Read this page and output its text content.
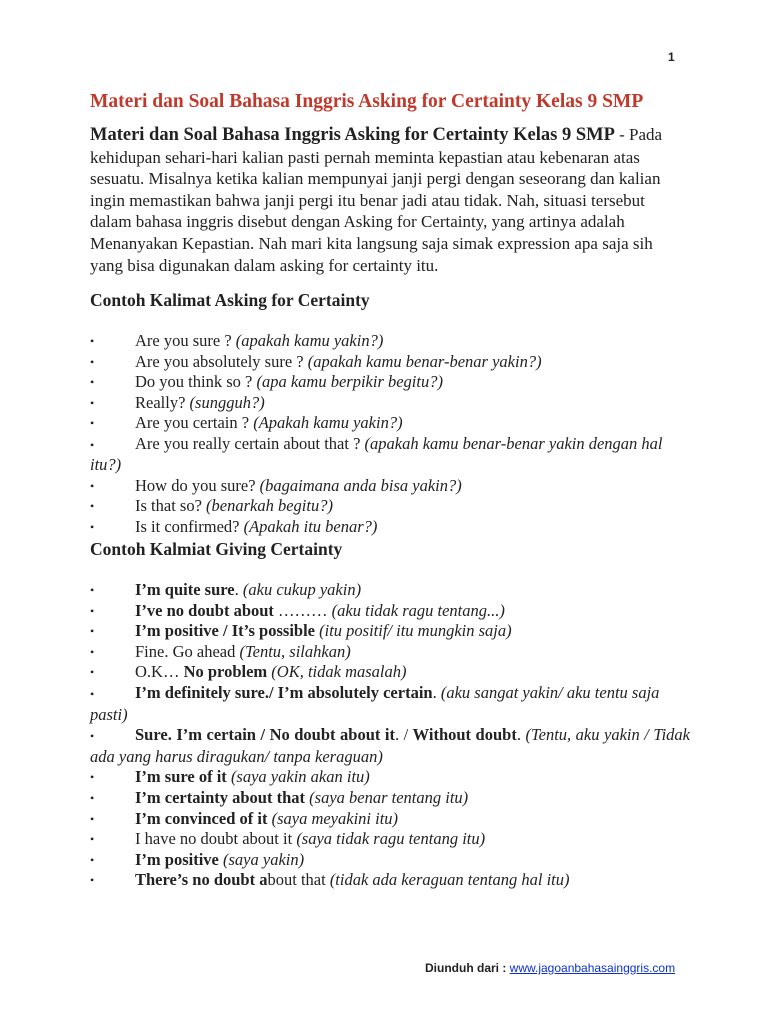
1
Materi dan Soal Bahasa Inggris Asking for Certainty Kelas 9 SMP

Materi dan Soal Bahasa Inggris Asking for Certainty Kelas 9 SMP - Pada kehidupan sehari-hari kalian pasti pernah meminta kepastian atau kebenaran atas sesuatu. Misalnya ketika kalian mempunyai janji pergi dengan seseorang dan kalian ingin memastikan bahwa janji pergi itu benar jadi atau tidak. Nah, situasi tersebut dalam bahasa inggris disebut dengan Asking for Certainty, yang artinya adalah Menanyakan Kepastian. Nah mari kita langsung saja simak expression apa saja sih yang bisa digunakan dalam asking for certainty itu.

Contoh Kalimat Asking for Certainty
• Are you sure ? (apakah kamu yakin?)
• Are you absolutely sure ? (apakah kamu benar-benar yakin?)
• Do you think so ? (apa kamu berpikir begitu?)
• Really? (sungguh?)
• Are you certain ? (Apakah kamu yakin?)
• Are you really certain about that ? (apakah kamu benar-benar yakin dengan hal itu?)
• How do you sure? (bagaimana anda bisa yakin?)
• Is that so? (benarkah begitu?)
• Is it confirmed? (Apakah itu benar?)
Contoh Kalmiat Giving Certainty
• I’m quite sure. (aku cukup yakin)
• I’ve no doubt about ……… (aku tidak ragu tentang...)
• I’m positive / It’s possible (itu positif/ itu mungkin saja)
• Fine. Go ahead (Tentu, silahkan)
• O.K… No problem (OK, tidak masalah)
• I’m definitely sure./ I’m absolutely certain. (aku sangat yakin/ aku tentu saja pasti)
• Sure. I’m certain / No doubt about it. / Without doubt. (Tentu, aku yakin / Tidak ada yang harus diragukan/ tanpa keraguan)
• I’m sure of it (saya yakin akan itu)
• I’m certainty about that (saya benar tentang itu)
• I’m convinced of it (saya meyakini itu)
• I have no doubt about it (saya tidak ragu tentang itu)
• I’m positive (saya yakin)
• There’s no doubt about that (tidak ada keraguan tentang hal itu)
Diunduh dari : www.jagoanbahasainggris.com
